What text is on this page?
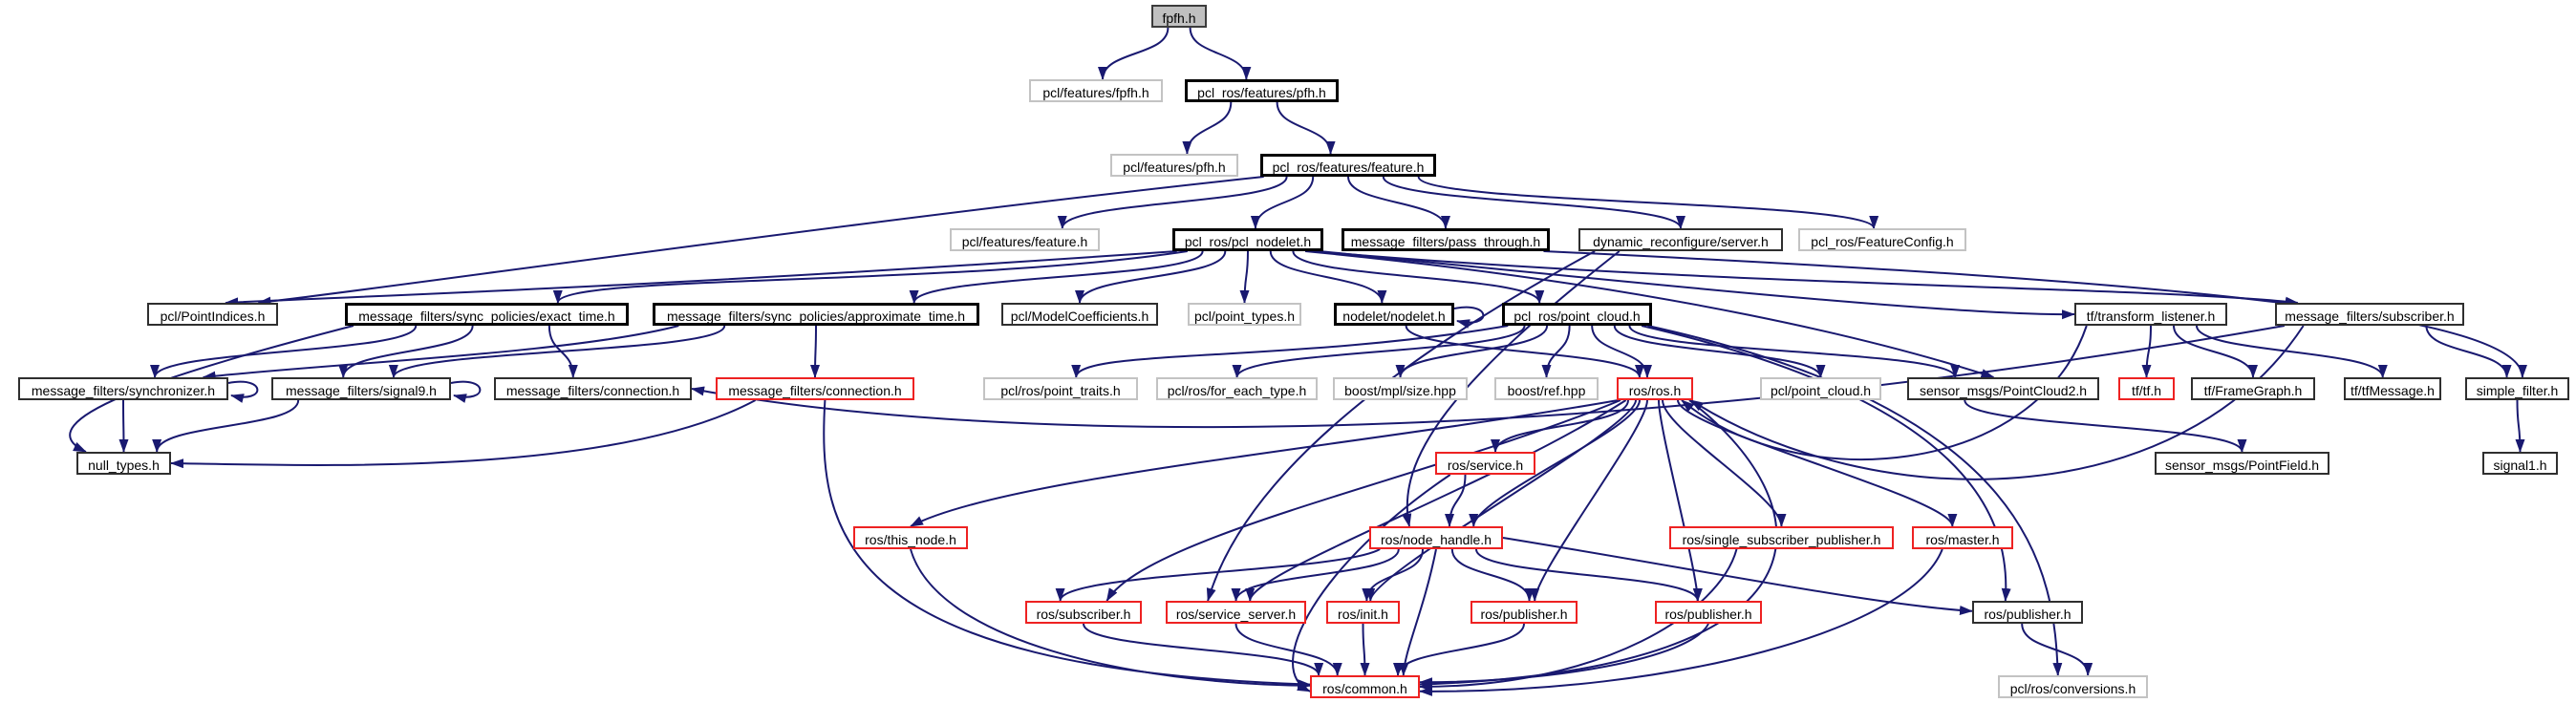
fpfh.h
pcl/features/fpfh.h	pcl_ros/features/pfh.h
pcl/features/pfh.h	pcl_ros/features/feature.h
pcl/features/feature.h	pcl_ros/pcl_nodelet.h	message_filters/pass_through.h	dynamic_reconfigure/server.h	pcl_ros/FeatureConfig.h
pcl/PointIndices.h	message_filters/sync_policies/exact_time.h	message_filters/sync_policies/approximate_time.h	pcl/ModelCoefficients.h	pcl/point_types.h	nodelet/nodelet.h	pcl_ros/point_cloud.h	tf/transform_listener.h	message_filters/subscriber.h
message_filters/synchronizer.h	message_filters/signal9.h	message_filters/connection.h	message_filters/connection.h	pcl/ros/point_traits.h	pcl/ros/for_each_type.h	boost/mpl/size.hpp	boost/ref.hpp	ros/ros.h	pcl/point_cloud.h	sensor_msgs/PointCloud2.h	tf/tf.h	tf/FrameGraph.h	tf/tfMessage.h	simple_filter.h
null_types.h	ros/service.h	sensor_msgs/PointField.h	signal1.h
ros/this_node.h	ros/node_handle.h	ros/single_subscriber_publisher.h	ros/master.h
ros/subscriber.h	ros/service_server.h	ros/init.h	ros/publisher.h	ros/publisher.h	ros/publisher.h
ros/common.h	pcl/ros/conversions.h
